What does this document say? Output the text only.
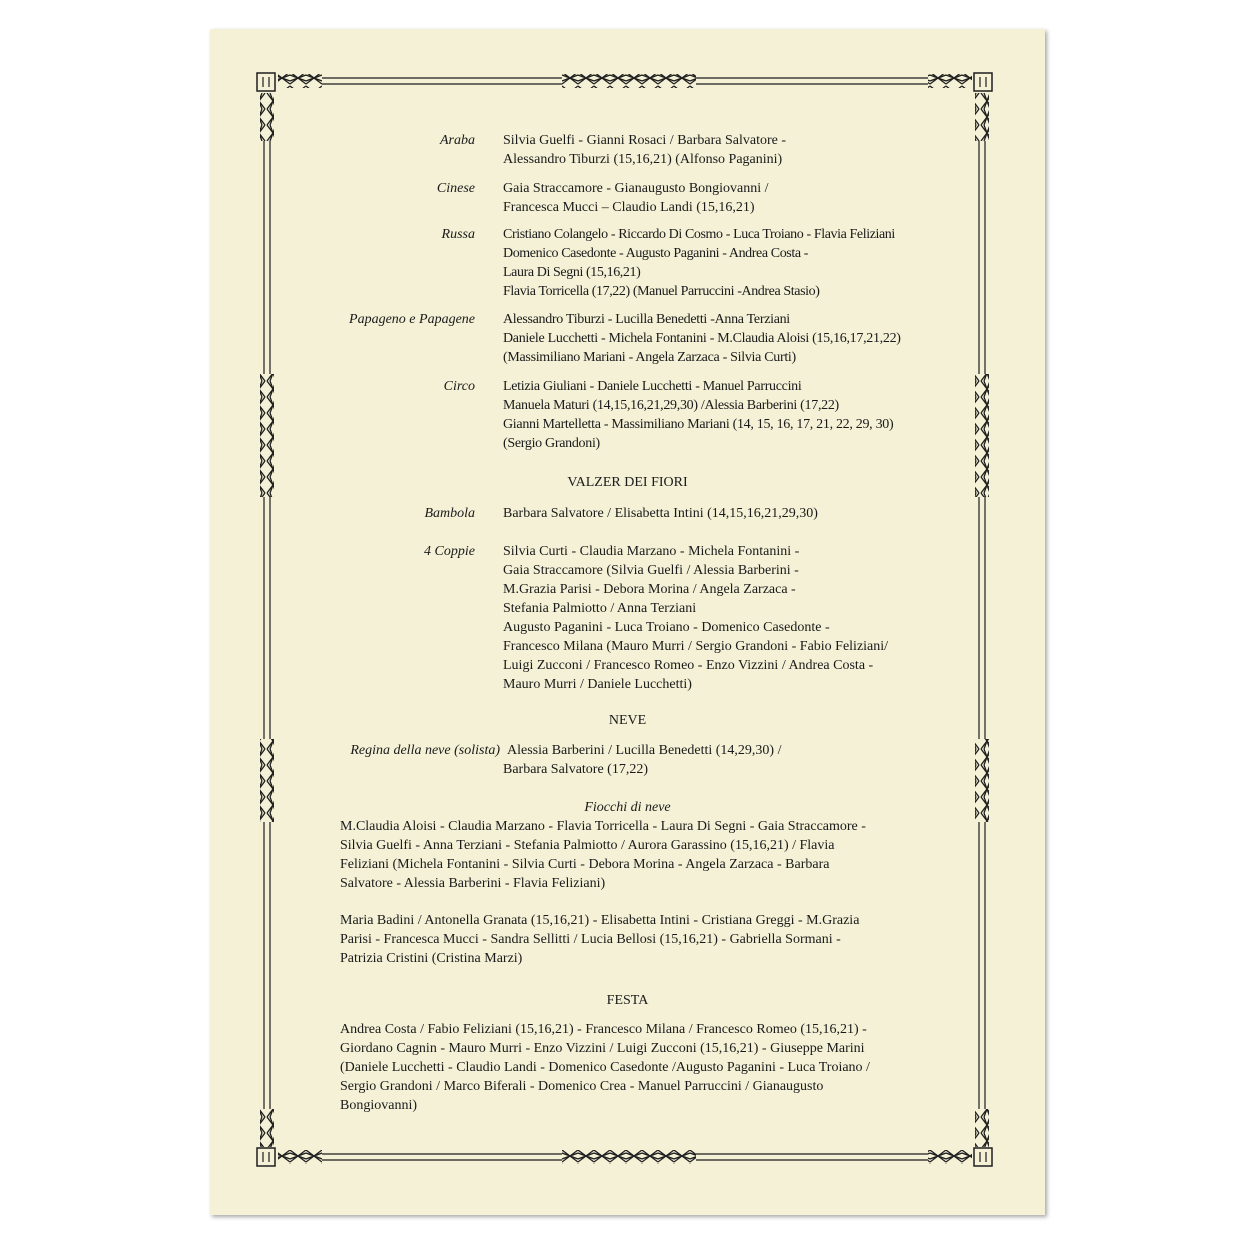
Araba Silvia Guelfi - Gianni Rosaci / Barbara Salvatore -
Alessandro Tiburzi (15,16,21) (Alfonso Paganini)
Cinese Gaia Straccamore - Gianaugusto Bongiovanni /
Francesca Mucci – Claudio Landi (15,16,21)
Russa Cristiano Colangelo - Riccardo Di Cosmo - Luca Troiano - Flavia Feliziani
Domenico Casedonte - Augusto Paganini - Andrea Costa -
Laura Di Segni (15,16,21)
Flavia Torricella (17,22) (Manuel Parruccini -Andrea Stasio)
Papageno e Papagene Alessandro Tiburzi - Lucilla Benedetti -Anna Terziani
Daniele Lucchetti - Michela Fontanini - M.Claudia Aloisi (15,16,17,21,22)
(Massimiliano Mariani - Angela Zarzaca - Silvia Curti)
Circo Letizia Giuliani - Daniele Lucchetti - Manuel Parruccini
Manuela Maturi (14,15,16,21,29,30) /Alessia Barberini (17,22)
Gianni Martelletta - Massimiliano Mariani (14, 15, 16, 17, 21, 22, 29, 30)
(Sergio Grandoni)
VALZER DEI FIORI
Bambola Barbara Salvatore / Elisabetta Intini (14,15,16,21,29,30)
4 Coppie Silvia Curti - Claudia Marzano - Michela Fontanini -
Gaia Straccamore (Silvia Guelfi / Alessia Barberini -
M.Grazia Parisi - Debora Morina / Angela Zarzaca -
Stefania Palmiotto / Anna Terziani
Augusto Paganini - Luca Troiano - Domenico Casedonte -
Francesco Milana (Mauro Murri / Sergio Grandoni - Fabio Feliziani/
Luigi Zucconi / Francesco Romeo - Enzo Vizzini / Andrea Costa -
Mauro Murri / Daniele Lucchetti)
NEVE
Regina della neve (solista) Alessia Barberini / Lucilla Benedetti (14,29,30) /
Barbara Salvatore (17,22)
Fiocchi di neve
M.Claudia Aloisi - Claudia Marzano - Flavia Torricella - Laura Di Segni - Gaia Straccamore -
Silvia Guelfi - Anna Terziani - Stefania Palmiotto / Aurora Garassino (15,16,21) / Flavia
Feliziani (Michela Fontanini - Silvia Curti - Debora Morina - Angela Zarzaca - Barbara
Salvatore - Alessia Barberini - Flavia Feliziani)
Maria Badini / Antonella Granata (15,16,21) - Elisabetta Intini - Cristiana Greggi - M.Grazia
Parisi - Francesca Mucci - Sandra Sellitti / Lucia Bellosi (15,16,21) - Gabriella Sormani -
Patrizia Cristini (Cristina Marzi)
FESTA
Andrea Costa / Fabio Feliziani (15,16,21) - Francesco Milana / Francesco Romeo (15,16,21) -
Giordano Cagnin - Mauro Murri - Enzo Vizzini / Luigi Zucconi (15,16,21) - Giuseppe Marini
(Daniele Lucchetti - Claudio Landi - Domenico Casedonte /Augusto Paganini - Luca Troiano /
Sergio Grandoni / Marco Biferali - Domenico Crea - Manuel Parruccini / Gianaugusto
Bongiovanni)
